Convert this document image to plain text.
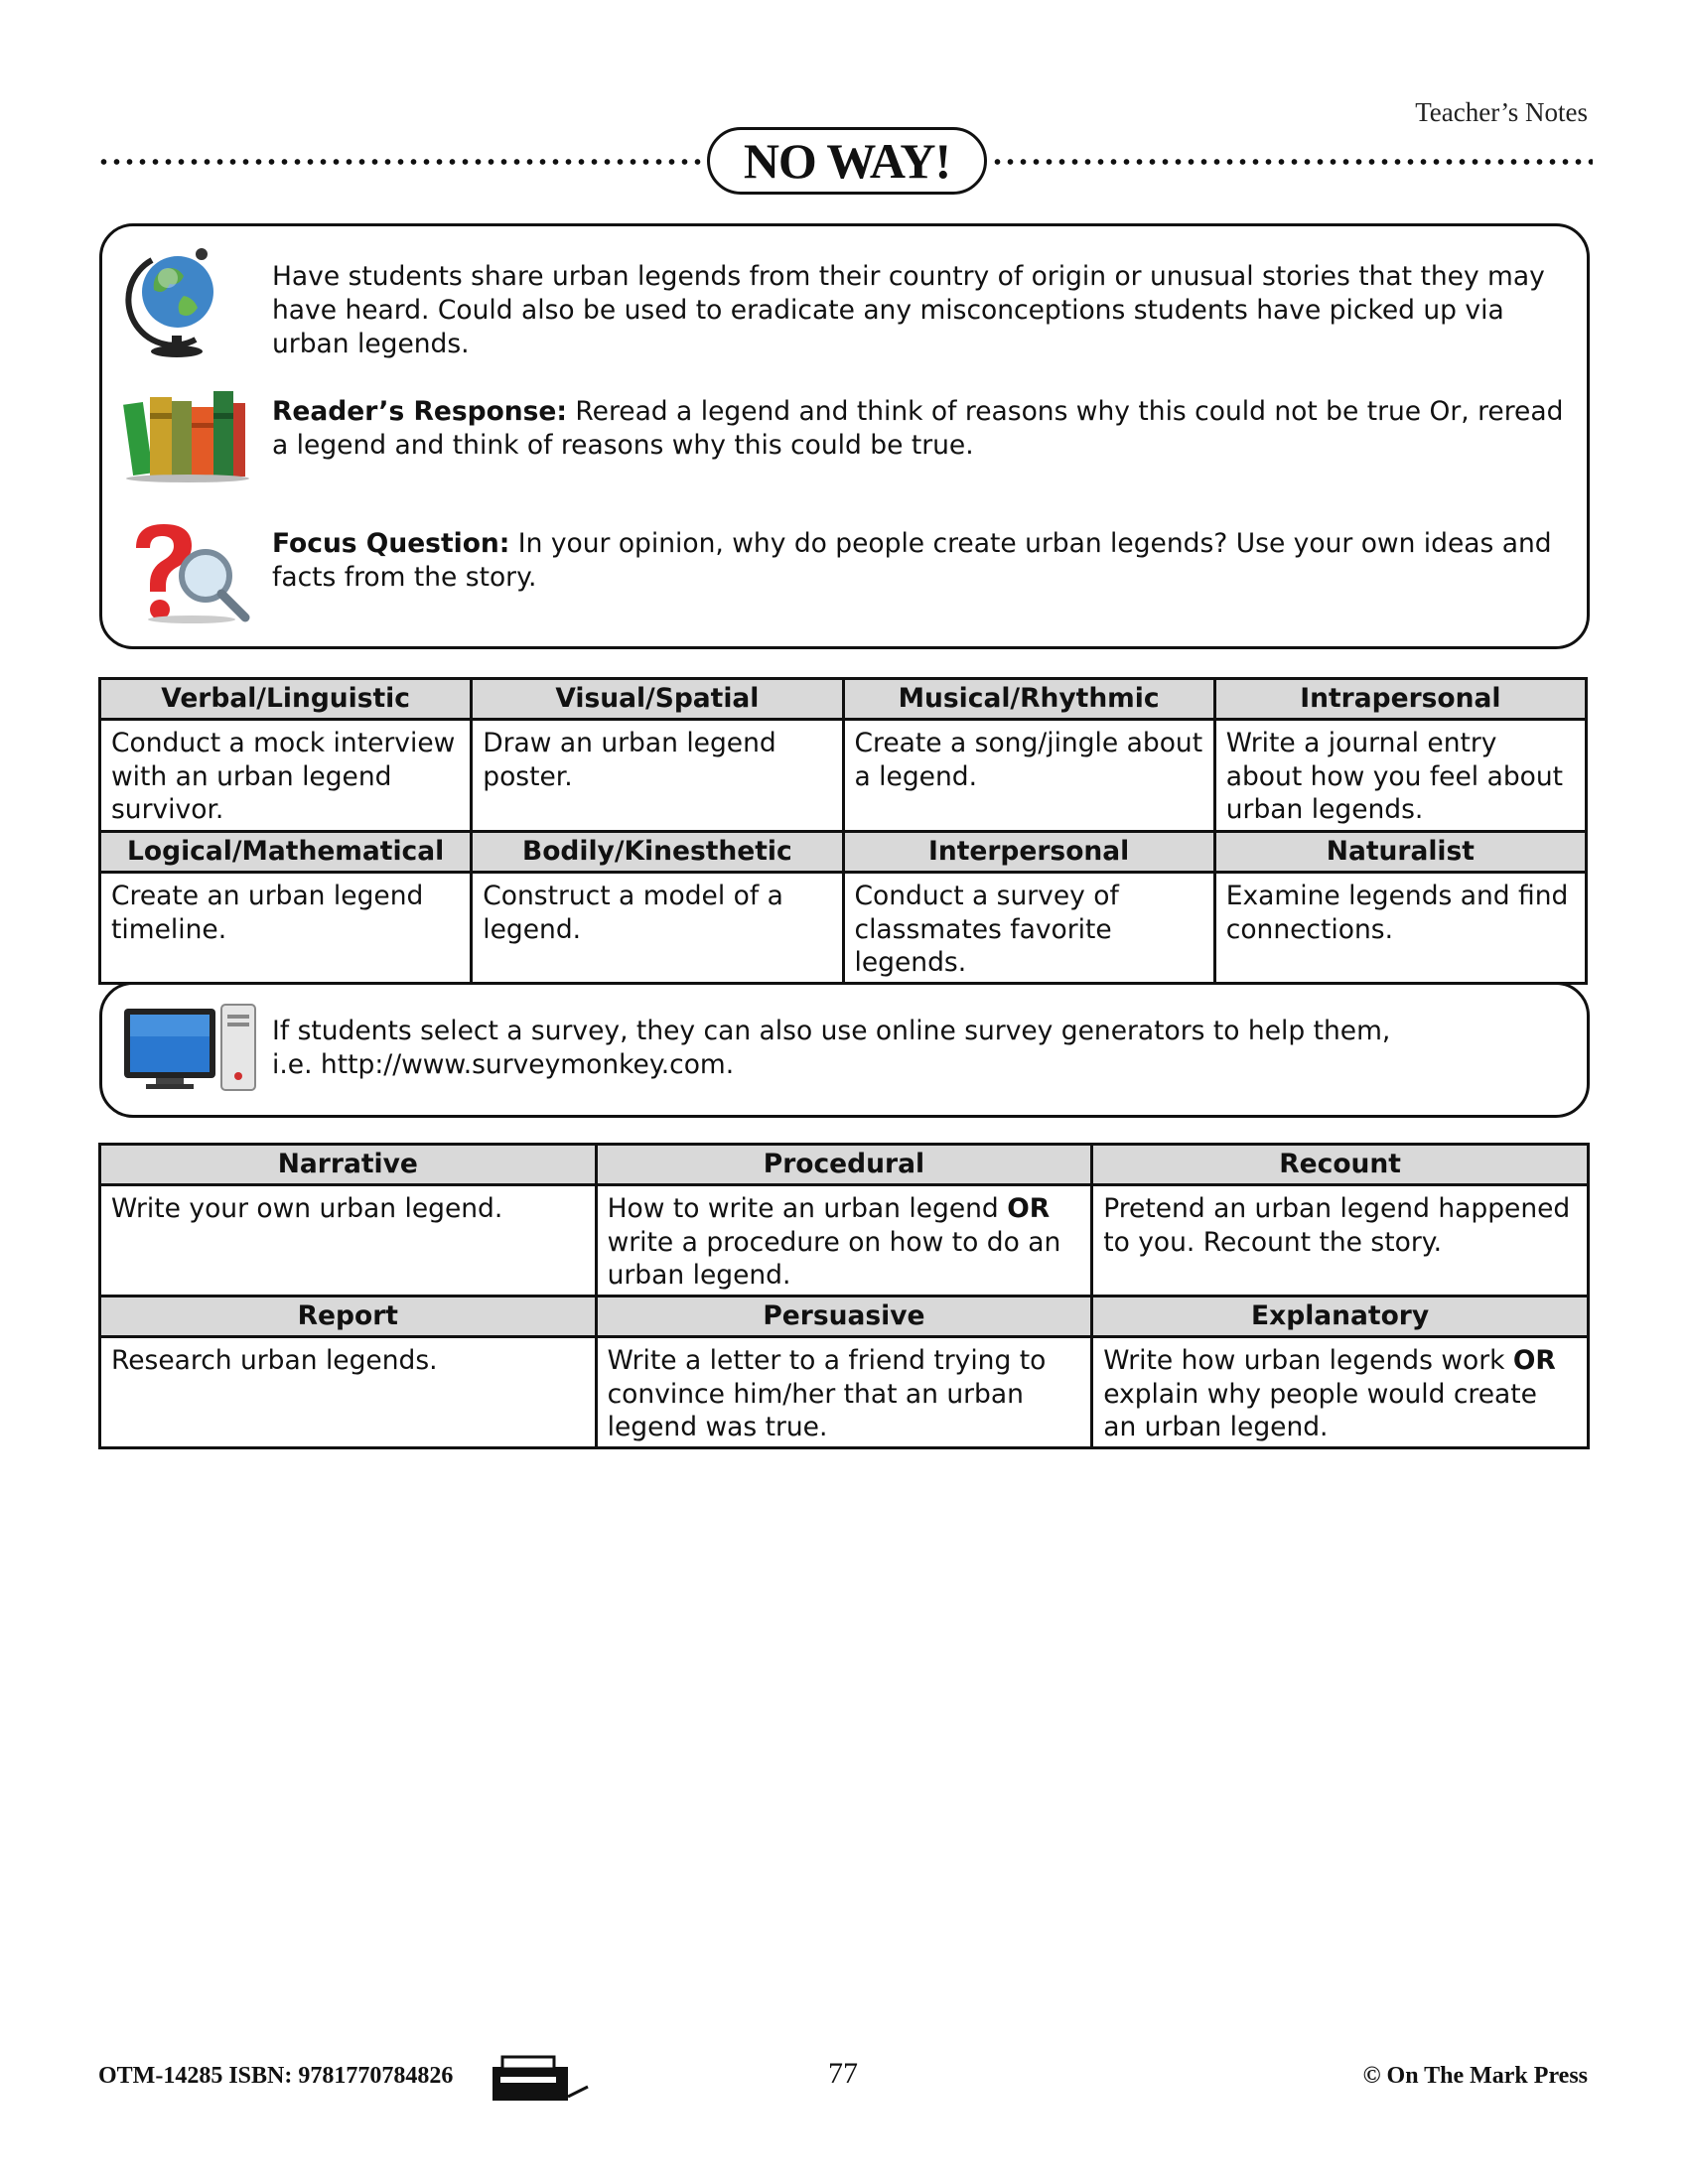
Teacher’s Notes
NO WAY!
Have students share urban legends from their country of origin or unusual stories that they may have heard. Could also be used to eradicate any misconceptions students have picked up via urban legends.
Reader’s Response: Reread a legend and think of reasons why this could not be true Or, reread a legend and think of reasons why this could be true.
Focus Question: In your opinion, why do people create urban legends? Use your own ideas and facts from the story.
Verbal/Linguistic	Visual/Spatial	Musical/Rhythmic	Intrapersonal
Conduct a mock interview with an urban legend survivor.	Draw an urban legend poster.	Create a song/jingle about a legend.	Write a journal entry about how you feel about urban legends.
Logical/Mathematical	Bodily/Kinesthetic	Interpersonal	Naturalist
Create an urban legend timeline.	Construct a model of a legend.	Conduct a survey of classmates favorite legends.	Examine legends and find connections.
If students select a survey, they can also use online survey generators to help them,
i.e. http://www.surveymonkey.com.
Narrative	Procedural	Recount
Write your own urban legend.	How to write an urban legend OR write a procedure on how to do an urban legend.	Pretend an urban legend happened to you. Recount the story.
Report	Persuasive	Explanatory
Research urban legends.	Write a letter to a friend trying to convince him/her that an urban legend was true.	Write how urban legends work OR explain why people would create an urban legend.
OTM-14285 ISBN: 9781770784826	77	© On The Mark Press
